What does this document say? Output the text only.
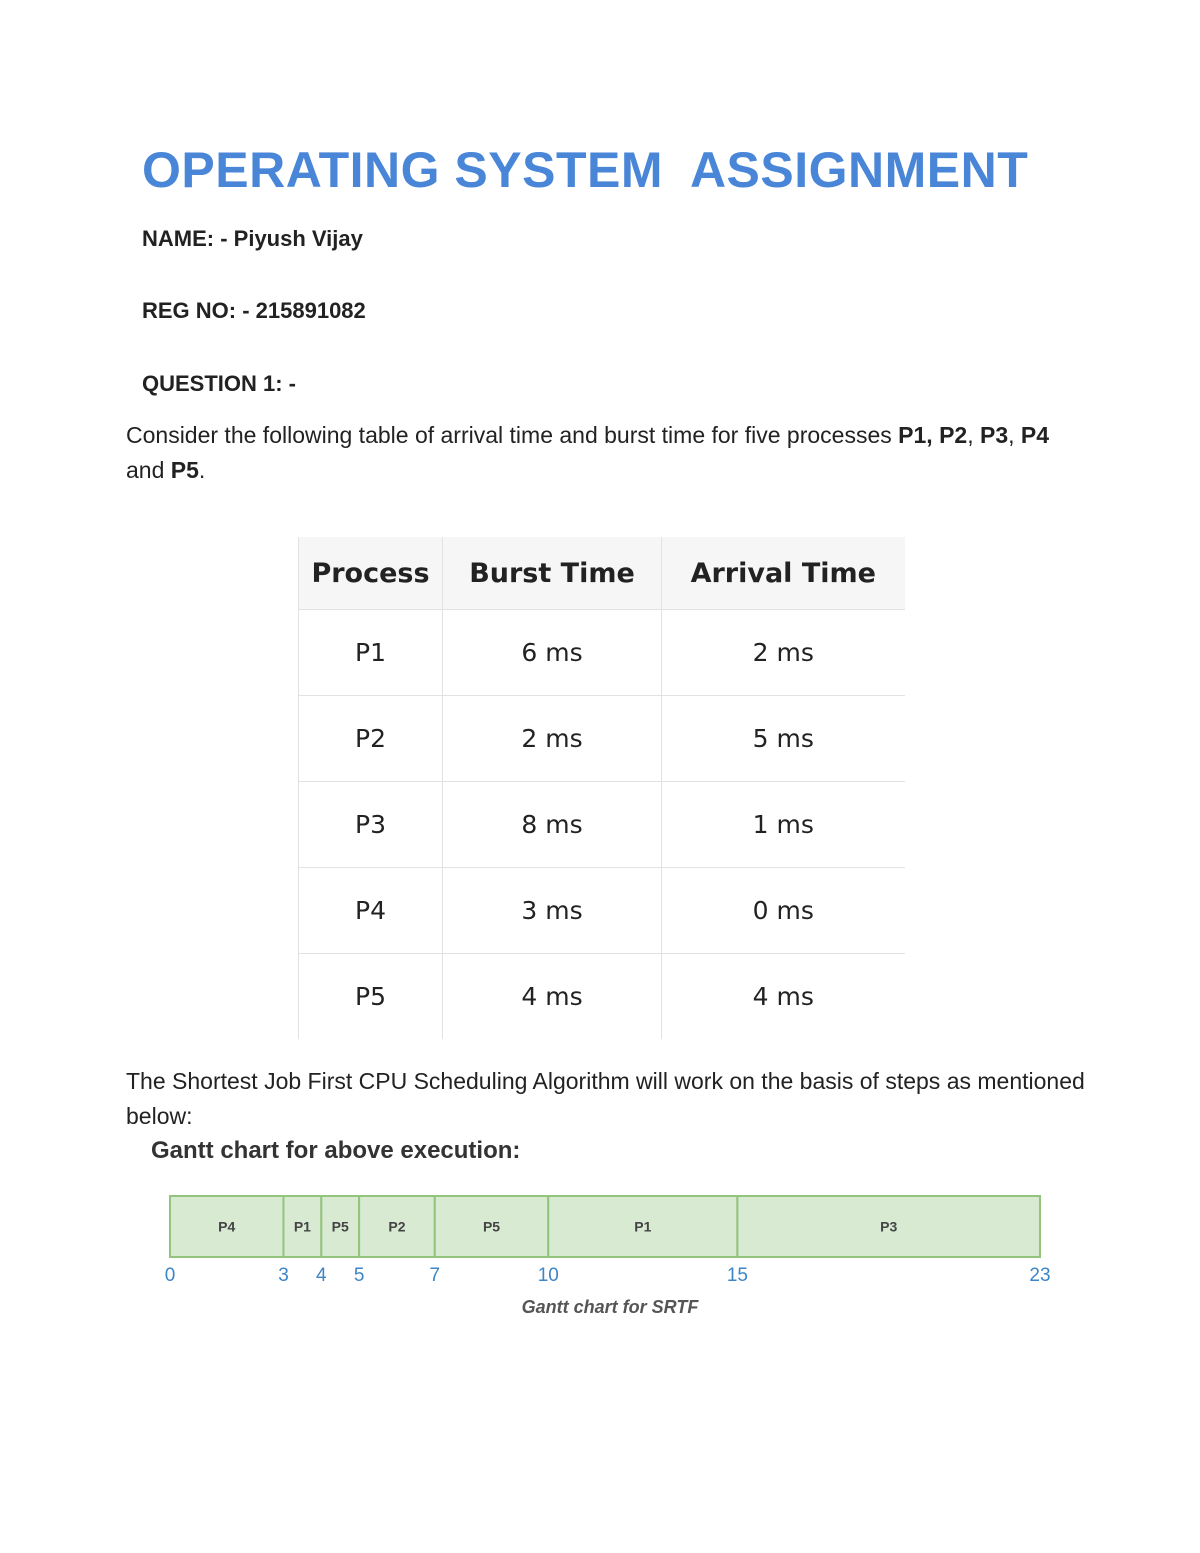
OPERATING SYSTEM  ASSIGNMENT
NAME: - Piyush Vijay
REG NO: - 215891082
QUESTION 1: -
Consider the following table of arrival time and burst time for five processes P1, P2, P3, P4 and P5.
Process	Burst Time	Arrival Time
P1	6 ms	2 ms
P2	2 ms	5 ms
P3	8 ms	1 ms
P4	3 ms	0 ms
P5	4 ms	4 ms
The Shortest Job First CPU Scheduling Algorithm will work on the basis of steps as mentioned below:
Gantt chart for above execution:
P4	P1 P5	P2	P5	P1	P3
0	3 4 5	7	10	15	23
Gantt chart for SRTF
